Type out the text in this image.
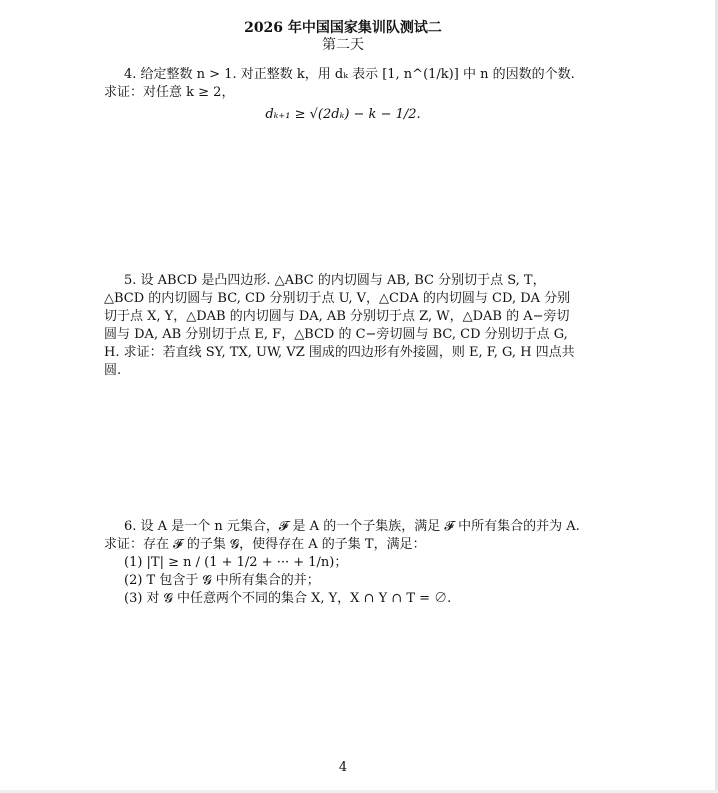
2026 年中国国家集训队测试二
第二天

4. 给定整数 n > 1. 对正整数 k，用 dₖ 表示 [1, n^(1/k)] 中 n 的因数的个数. 求证：对任意 k ≥ 2，

dₖ₊₁ ≥ √(2dₖ) − k − 1/2.

5. 设 ABCD 是凸四边形. △ABC 的内切圆与 AB, BC 分别切于点 S, T，△BCD 的内切圆与 BC, CD 分别切于点 U, V，△CDA 的内切圆与 CD, DA 分别切于点 X, Y，△DAB 的内切圆与 DA, AB 分别切于点 Z, W，△DAB 的 A−旁切圆与 DA, AB 分别切于点 E, F，△BCD 的 C−旁切圆与 BC, CD 分别切于点 G, H. 求证：若直线 SY, TX, UW, VZ 围成的四边形有外接圆，则 E, F, G, H 四点共圆.

6. 设 A 是一个 n 元集合，𝓕 是 A 的一个子集族，满足 𝓕 中所有集合的并为 A. 求证：存在 𝓕 的子集 𝓖，使得存在 A 的子集 T，满足：

(1) |T| ≥ n / (1 + 1/2 + ··· + 1/n)；

(2) T 包含于 𝓖 中所有集合的并；

(3) 对 𝓖 中任意两个不同的集合 X, Y，X ∩ Y ∩ T = ∅.

4
